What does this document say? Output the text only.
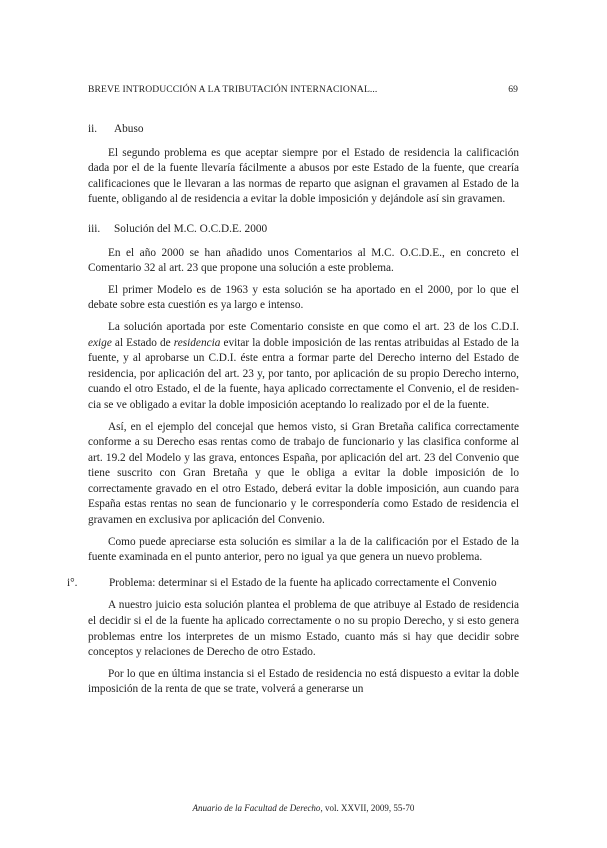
BREVE INTRODUCCIÓN A LA TRIBUTACIÓN INTERNACIONAL...	69
ii. Abuso

El segundo problema es que aceptar siempre por el Estado de residencia la calificación dada por el de la fuente llevaría fácilmente a abusos por este Estado de la fuente, que crearía calificaciones que le llevaran a las normas de reparto que asignan el gravamen al Estado de la fuente, obligando al de residencia a evitar la doble imposición y dejándole así sin gravamen.

iii. Solución del M.C. O.C.D.E. 2000

En el año 2000 se han añadido unos Comentarios al M.C. O.C.D.E., en concreto el Comentario 32 al art. 23 que propone una solución a este problema.

El primer Modelo es de 1963 y esta solución se ha aportado en el 2000, por lo que el debate sobre esta cuestión es ya largo e intenso.

La solución aportada por este Comentario consiste en que como el art. 23 de los C.D.I. exige al Estado de residencia evitar la doble imposición de las rentas atribuidas al Estado de la fuente, y al aprobarse un C.D.I. éste entra a formar parte del Derecho interno del Estado de residencia, por aplicación del art. 23 y, por tanto, por aplicación de su propio Derecho interno, cuando el otro Estado, el de la fuente, haya aplicado correctamente el Convenio, el de residencia se ve obligado a evitar la doble imposición aceptando lo realizado por el de la fuente.

Así, en el ejemplo del concejal que hemos visto, si Gran Bretaña califica correctamente conforme a su Derecho esas rentas como de trabajo de funcionario y las clasifica conforme al art. 19.2 del Modelo y las grava, entonces España, por aplicación del art. 23 del Convenio que tiene suscrito con Gran Bretaña y que le obliga a evitar la doble imposición de lo correctamente gravado en el otro Estado, deberá evitar la doble imposición, aun cuando para España estas rentas no sean de funcionario y le correspondería como Estado de residencia el gravamen en exclusiva por aplicación del Convenio.

Como puede apreciarse esta solución es similar a la de la calificación por el Estado de la fuente examinada en el punto anterior, pero no igual ya que genera un nuevo problema.

i°.	Problema: determinar si el Estado de la fuente ha aplicado correctamente el Convenio

A nuestro juicio esta solución plantea el problema de que atribuye al Estado de residencia el decidir si el de la fuente ha aplicado correctamente o no su propio Derecho, y si esto genera problemas entre los interpretes de un mismo Estado, cuanto más si hay que decidir sobre conceptos y relaciones de Derecho de otro Estado.

Por lo que en última instancia si el Estado de residencia no está dispuesto a evitar la doble imposición de la renta de que se trate, volverá a generarse un

Anuario de la Facultad de Derecho, vol. XXVII, 2009, 55-70
